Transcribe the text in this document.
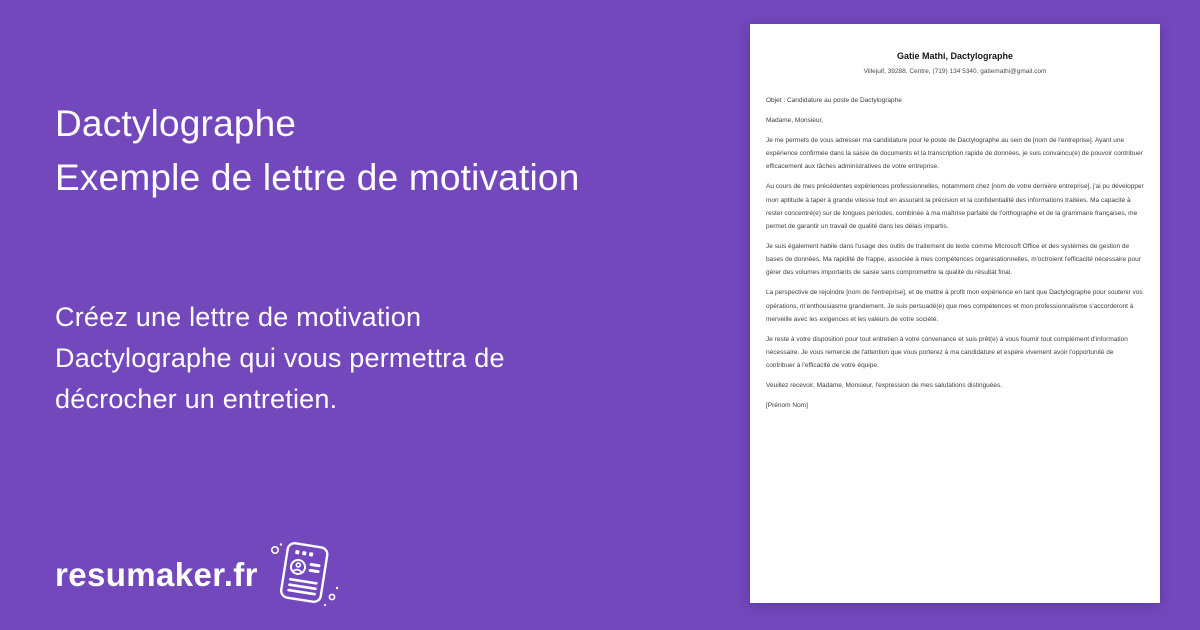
Dactylographe
Exemple de lettre de motivation

Créez une lettre de motivation
Dactylographe qui vous permettra de
décrocher un entretien.

resumaker.fr
Gatie Mathi, Dactylographe
Villejuif, 39288, Centre, (719) 134 5340, gatiemathi@gmail.com
Objet : Candidature au poste de Dactylographe
Madame, Monsieur,

Je me permets de vous adresser ma candidature pour le poste de Dactylographe au sein de [nom de l'entreprise]. Ayant une expérience confirmée dans la saisie de documents et la transcription rapide de données, je suis convaincu(e) de pouvoir contribuer efficacement aux tâches administratives de votre entreprise.

Au cours de mes précédentes expériences professionnelles, notamment chez [nom de votre dernière entreprise], j'ai pu développer mon aptitude à taper à grande vitesse tout en assurant la précision et la confidentialité des informations traitées. Ma capacité à rester concentré(e) sur de longues périodes, combinée à ma maîtrise parfaite de l'orthographe et de la grammaire françaises, me permet de garantir un travail de qualité dans les délais impartis.

Je suis également habile dans l'usage des outils de traitement de texte comme Microsoft Office et des systèmes de gestion de bases de données. Ma rapidité de frappe, associée à mes compétences organisationnelles, m'octroient l'efficacité nécessaire pour gérer des volumes importants de saisie sans compromettre la qualité du résultat final.

La perspective de rejoindre [nom de l'entreprise], et de mettre à profit mon expérience en tant que Dactylographe pour soutenir vos opérations, m'enthousiasme grandement. Je suis persuadé(e) que mes compétences et mon professionnalisme s'accorderont à merveille avec les exigences et les valeurs de votre société.

Je reste à votre disposition pour tout entretien à votre convenance et suis prêt(e) à vous fournir tout complément d'information nécessaire. Je vous remercie de l'attention que vous porterez à ma candidature et espère vivement avoir l'opportunité de contribuer à l'efficacité de votre équipe.

Veuillez recevoir, Madame, Monsieur, l'expression de mes salutations distinguées.
[Prénom Nom]
